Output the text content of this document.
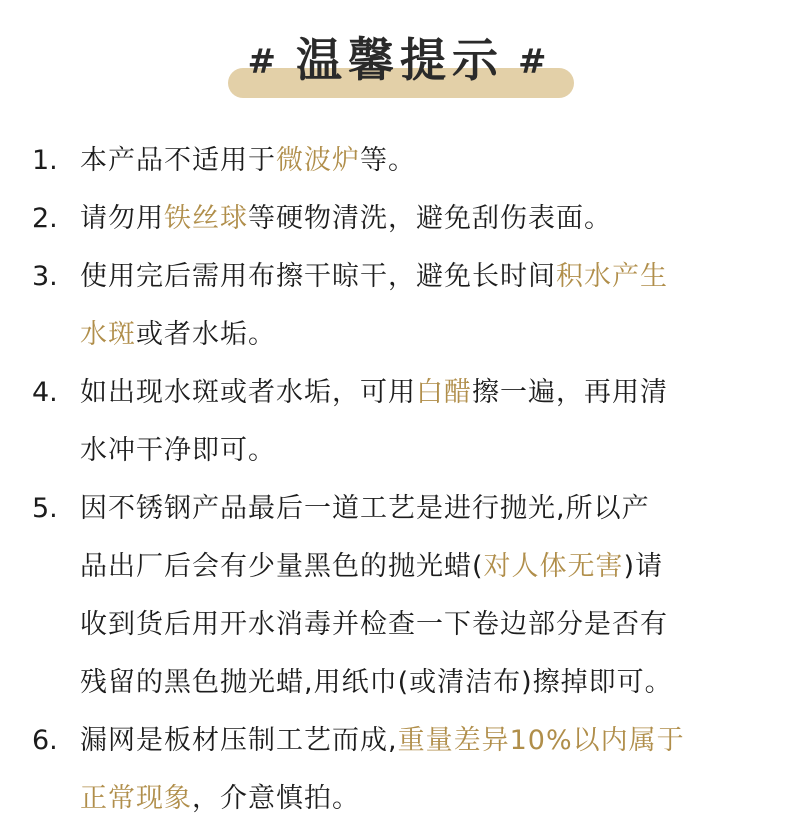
# 温馨提示 #
1. 本产品不适用于微波炉等。
2. 请勿用铁丝球等硬物清洗，避免刮伤表面。
3. 使用完后需用布擦干晾干，避免长时间积水产生
水斑或者水垢。
4. 如出现水斑或者水垢，可用白醋擦一遍，再用清
水冲干净即可。
5. 因不锈钢产品最后一道工艺是进行抛光,所以产
品出厂后会有少量黑色的抛光蜡(对人体无害)请
收到货后用开水消毒并检查一下卷边部分是否有
残留的黑色抛光蜡,用纸巾(或清洁布)擦掉即可。
6. 漏网是板材压制工艺而成,重量差异10%以内属于
正常现象，介意慎拍。
